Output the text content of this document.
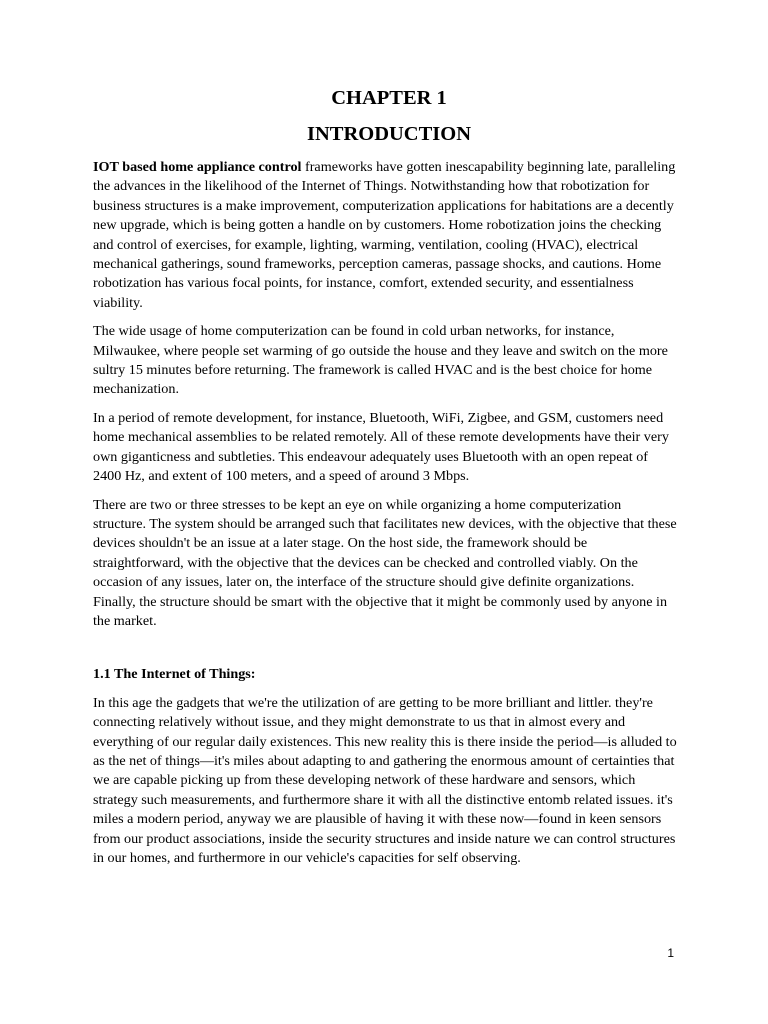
CHAPTER 1
INTRODUCTION

IOT based home appliance control frameworks have gotten inescapability beginning late, paralleling the advances in the likelihood of the Internet of Things. Notwithstanding how that robotization for business structures is a make improvement, computerization applications for habitations are a decently new upgrade, which is being gotten a handle on by customers. Home robotization joins the checking and control of exercises, for example, lighting, warming, ventilation, cooling (HVAC), electrical mechanical gatherings, sound frameworks, perception cameras, passage shocks, and cautions. Home robotization has various focal points, for instance, comfort, extended security, and essentialness viability.

The wide usage of home computerization can be found in cold urban networks, for instance, Milwaukee, where people set warming of go outside the house and they leave and switch on the more sultry 15 minutes before returning. The framework is called HVAC and is the best choice for home mechanization.

In a period of remote development, for instance, Bluetooth, WiFi, Zigbee, and GSM, customers need home mechanical assemblies to be related remotely. All of these remote developments have their very own giganticness and subtleties. This endeavour adequately uses Bluetooth with an open repeat of 2400 Hz, and extent of 100 meters, and a speed of around 3 Mbps.

There are two or three stresses to be kept an eye on while organizing a home computerization structure. The system should be arranged such that facilitates new devices, with the objective that these devices shouldn't be an issue at a later stage. On the host side, the framework should be straightforward, with the objective that the devices can be checked and controlled viably. On the occasion of any issues, later on, the interface of the structure should give definite organizations. Finally, the structure should be smart with the objective that it might be commonly used by anyone in the market.

1.1 The Internet of Things:

In this age the gadgets that we're the utilization of are getting to be more brilliant and littler. they're connecting relatively without issue, and they might demonstrate to us that in almost every and everything of our regular daily existences. This new reality this is there inside the period—is alluded to as the net of things—it's miles about adapting to and gathering the enormous amount of certainties that we are capable picking up from these developing network of these hardware and sensors, which strategy such measurements, and furthermore share it with all the distinctive entomb related issues. it's miles a modern period, anyway we are plausible of having it with these now—found in keen sensors from our product associations, inside the security structures and inside nature we can control structures in our homes, and furthermore in our vehicle's capacities for self observing.

1
